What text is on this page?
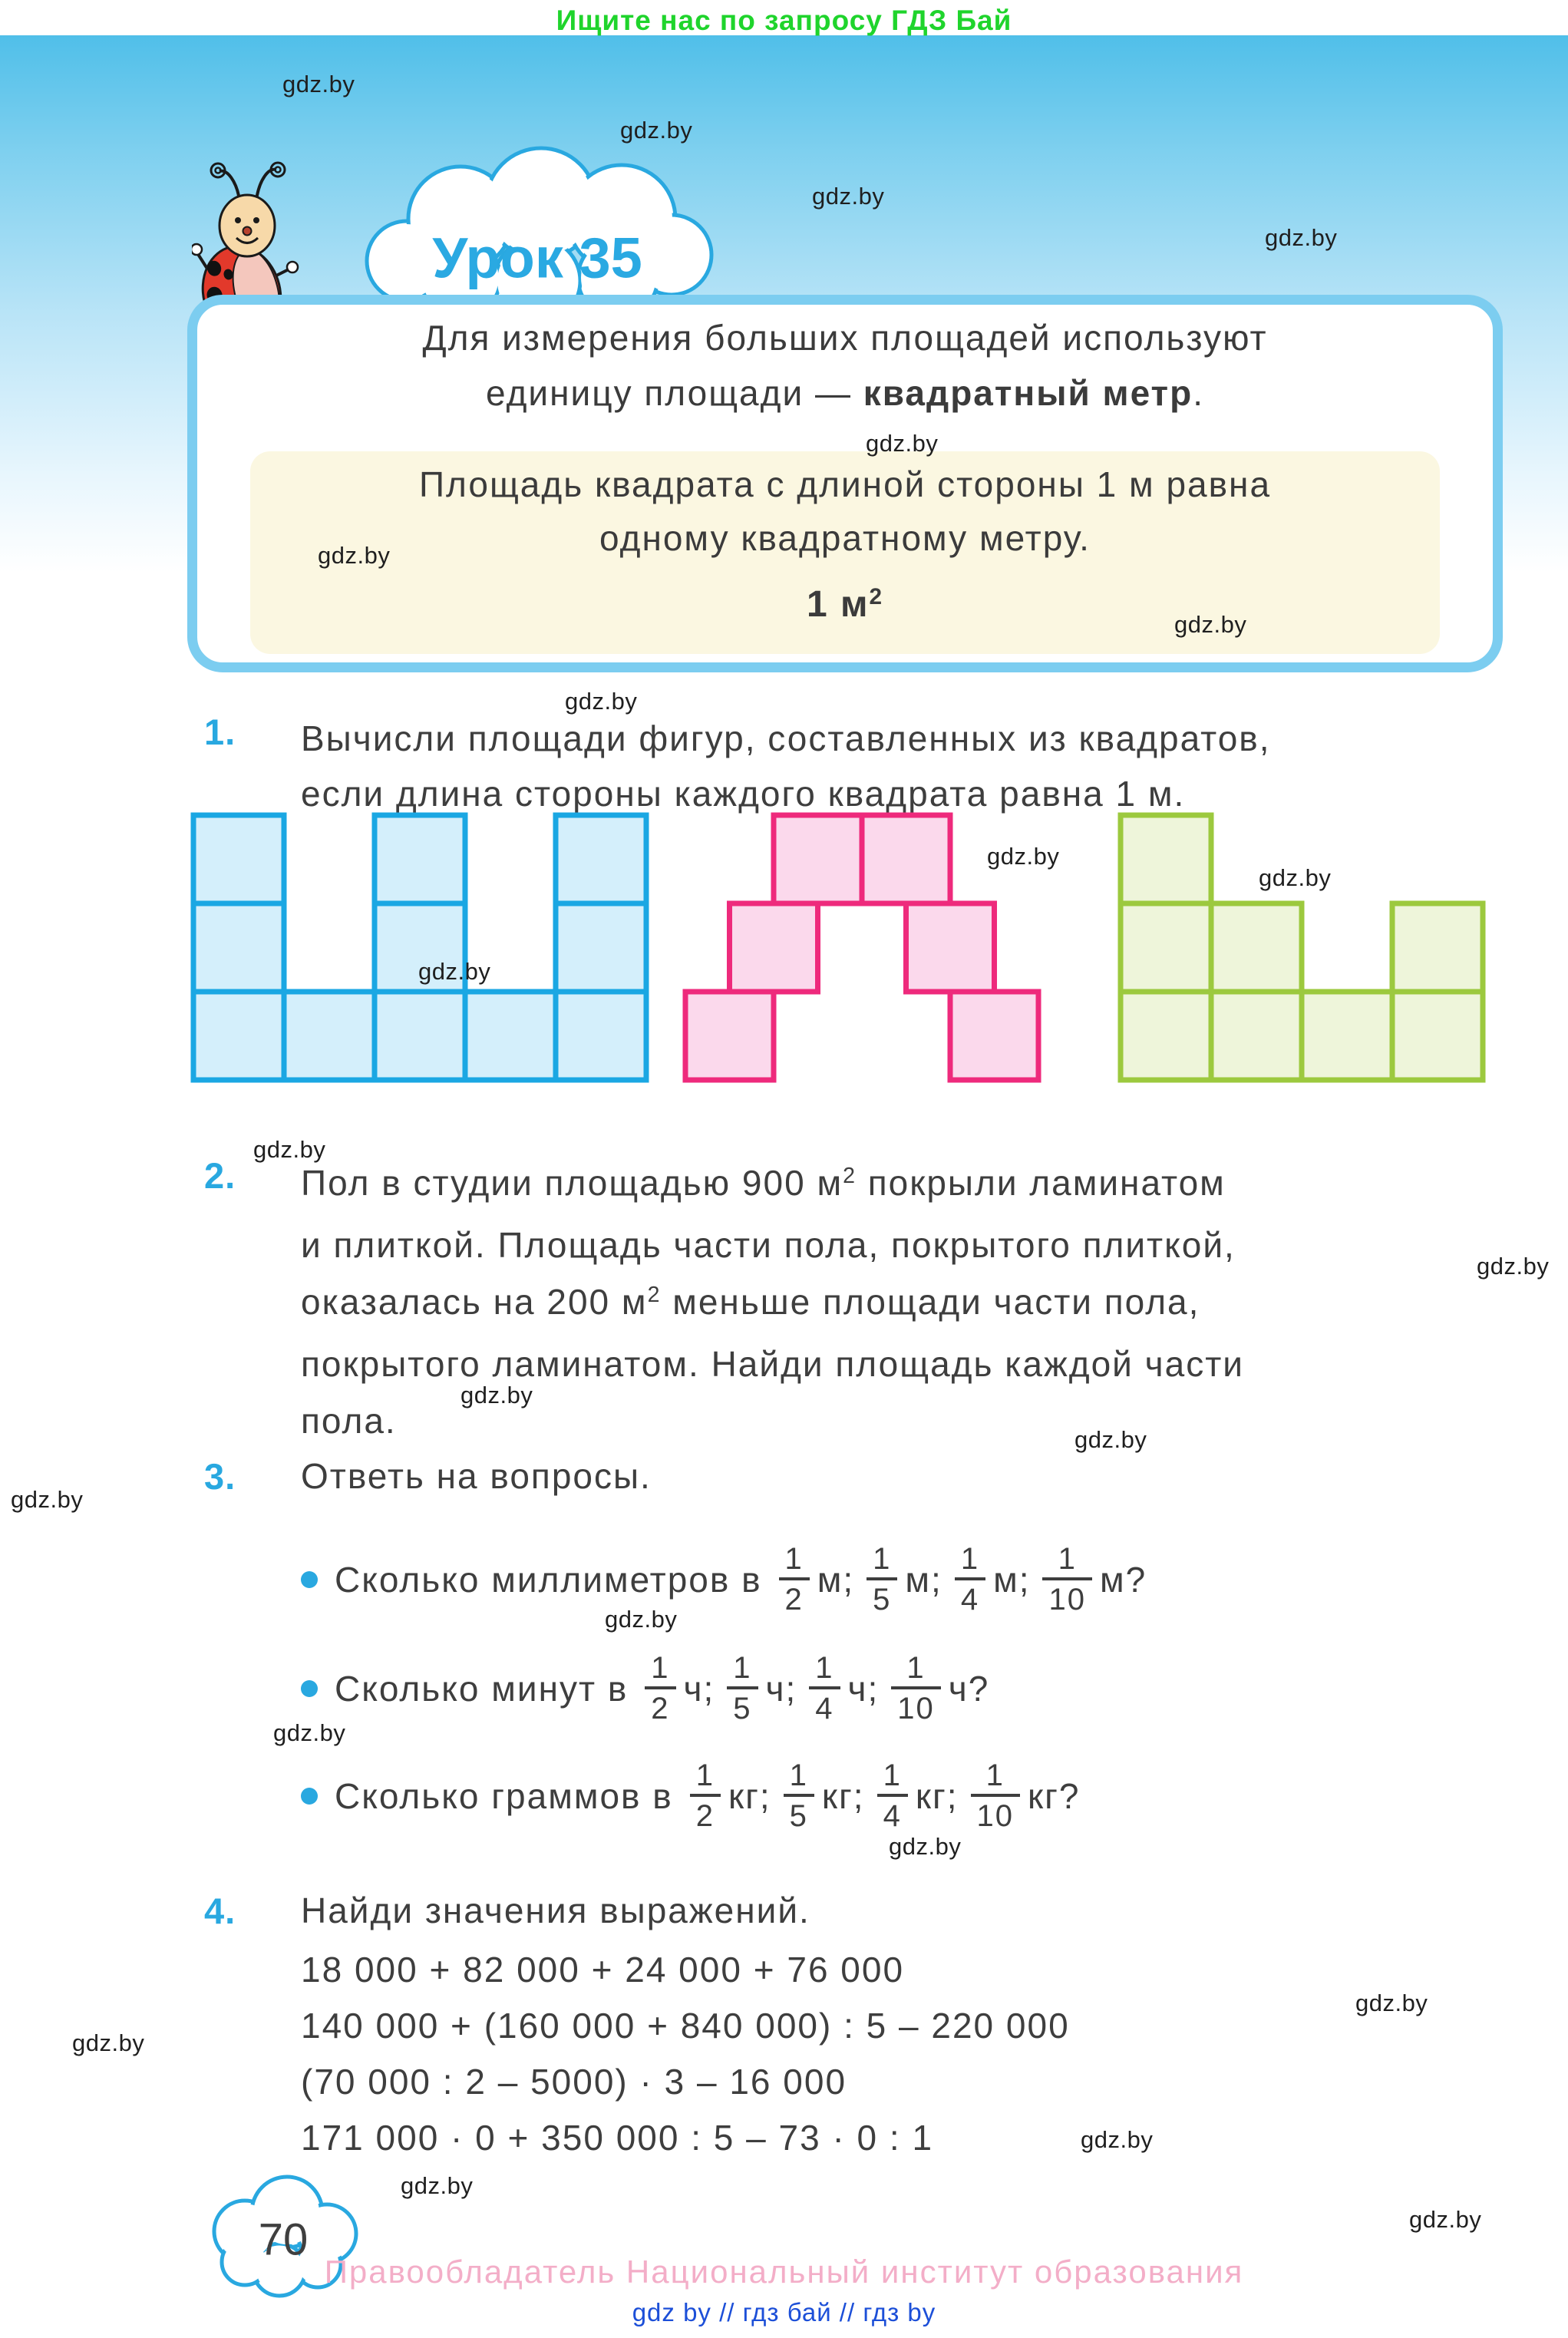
Ищите нас по запросу ГДЗ Бай
Урок 35
Для измерения больших площадей используют
единицу площади — квадратный метр.
Площадь квадрата с длиной стороны 1 м равна
одному квадратному метру.
1 $м^2$
1. Вычисли площади фигур, составленных из квадратов,
если длина стороны каждого квадрата равна 1 м.
2. Пол в студии площадью 900 $м^2$ покрыли ламинатом
и плиткой. Площадь части пола, покрытого плиткой,
оказалась на 200 $м^2$ меньше площади части пола,
покрытого ламинатом. Найди площадь каждой части
пола.
3. Ответь на вопросы.
Сколько миллиметров в $\frac{1}{2} м$; $\frac{1}{5} м$; $\frac{1}{4} м$; $\frac{1}{10} м$?
Сколько минут в $\frac{1}{2} ч$; $\frac{1}{5} ч$; $\frac{1}{4} ч$; $\frac{1}{10} ч$?
Сколько граммов в $\frac{1}{2}$ кг; $\frac{1}{5}$ кг; $\frac{1}{4}$ кг; $\frac{1}{10}$ кг?
4. Найди значения выражений.
18 000 + 82 000 + 24 000 + 76 000
140 000 + (160 000 + 840 000) : 5 – 220 000
(70 000 : 2 – 5000) · 3 – 16 000
171 000 · 0 + 350 000 : 5 – 73 · 0 : 1
70
Правообладатель Национальный институт образования
gdz by // гдз бай // гдз by
gdz.by
gdz.by
gdz.by
gdz.by
gdz.by
gdz.by
gdz.by
gdz.by
gdz.by
gdz.by
gdz.by
gdz.by
gdz.by
gdz.by
gdz.by
gdz.by
gdz.by
gdz.by
gdz.by
gdz.by
gdz.by
gdz.by
gdz.by
gdz.by
